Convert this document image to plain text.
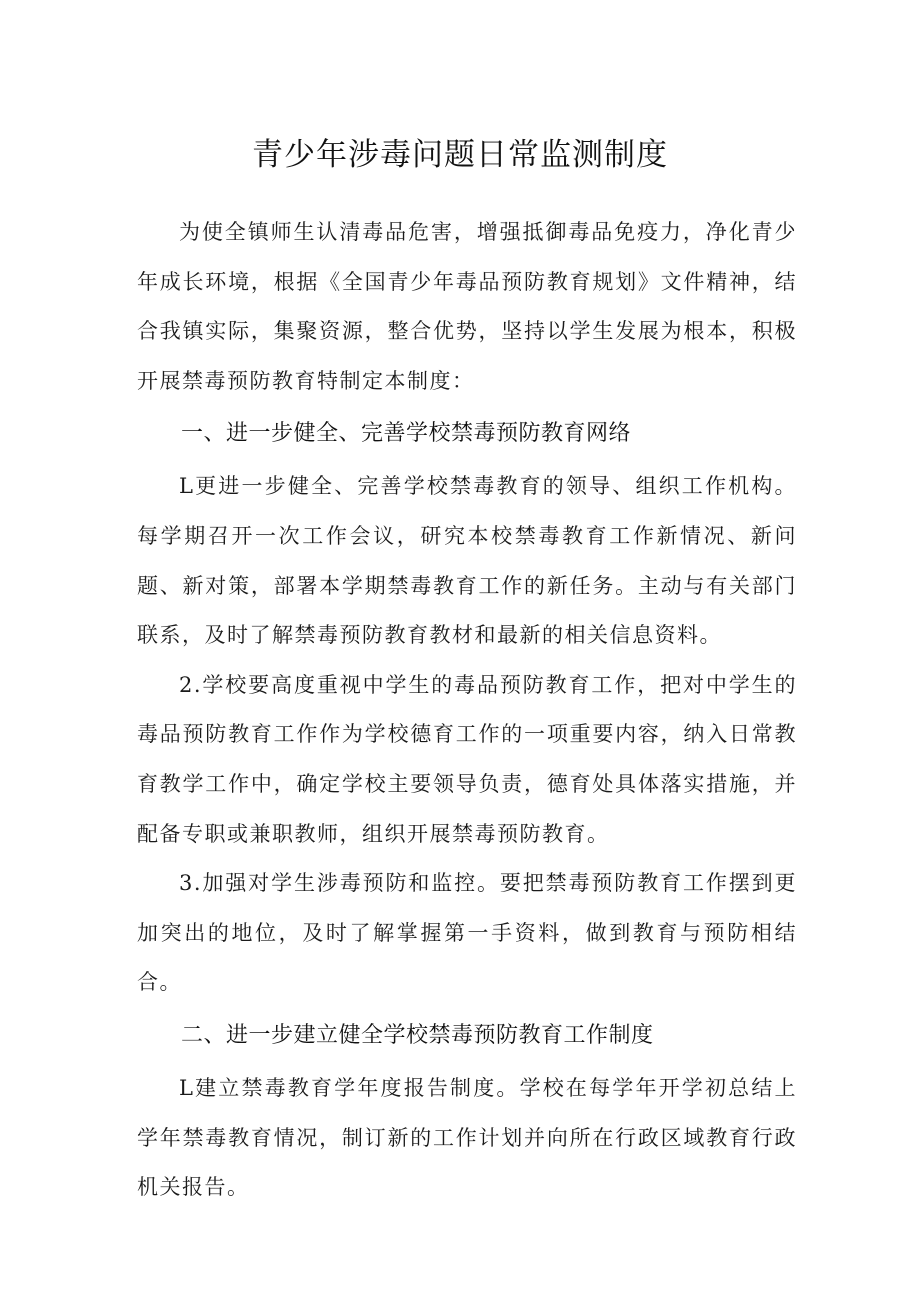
青少年涉毒问题日常监测制度

为使全镇师生认清毒品危害，增强抵御毒品免疫力，净化青少年成长环境，根据《全国青少年毒品预防教育规划》文件精神，结合我镇实际，集聚资源，整合优势，坚持以学生发展为根本，积极开展禁毒预防教育特制定本制度：

一、进一步健全、完善学校禁毒预防教育网络

L更进一步健全、完善学校禁毒教育的领导、组织工作机构。每学期召开一次工作会议，研究本校禁毒教育工作新情况、新问题、新对策，部署本学期禁毒教育工作的新任务。主动与有关部门联系，及时了解禁毒预防教育教材和最新的相关信息资料。

2.学校要高度重视中学生的毒品预防教育工作，把对中学生的毒品预防教育工作作为学校德育工作的一项重要内容，纳入日常教育教学工作中，确定学校主要领导负责，德育处具体落实措施，并配备专职或兼职教师，组织开展禁毒预防教育。

3.加强对学生涉毒预防和监控。要把禁毒预防教育工作摆到更加突出的地位，及时了解掌握第一手资料，做到教育与预防相结合。

二、进一步建立健全学校禁毒预防教育工作制度

L建立禁毒教育学年度报告制度。学校在每学年开学初总结上学年禁毒教育情况，制订新的工作计划并向所在行政区域教育行政机关报告。
